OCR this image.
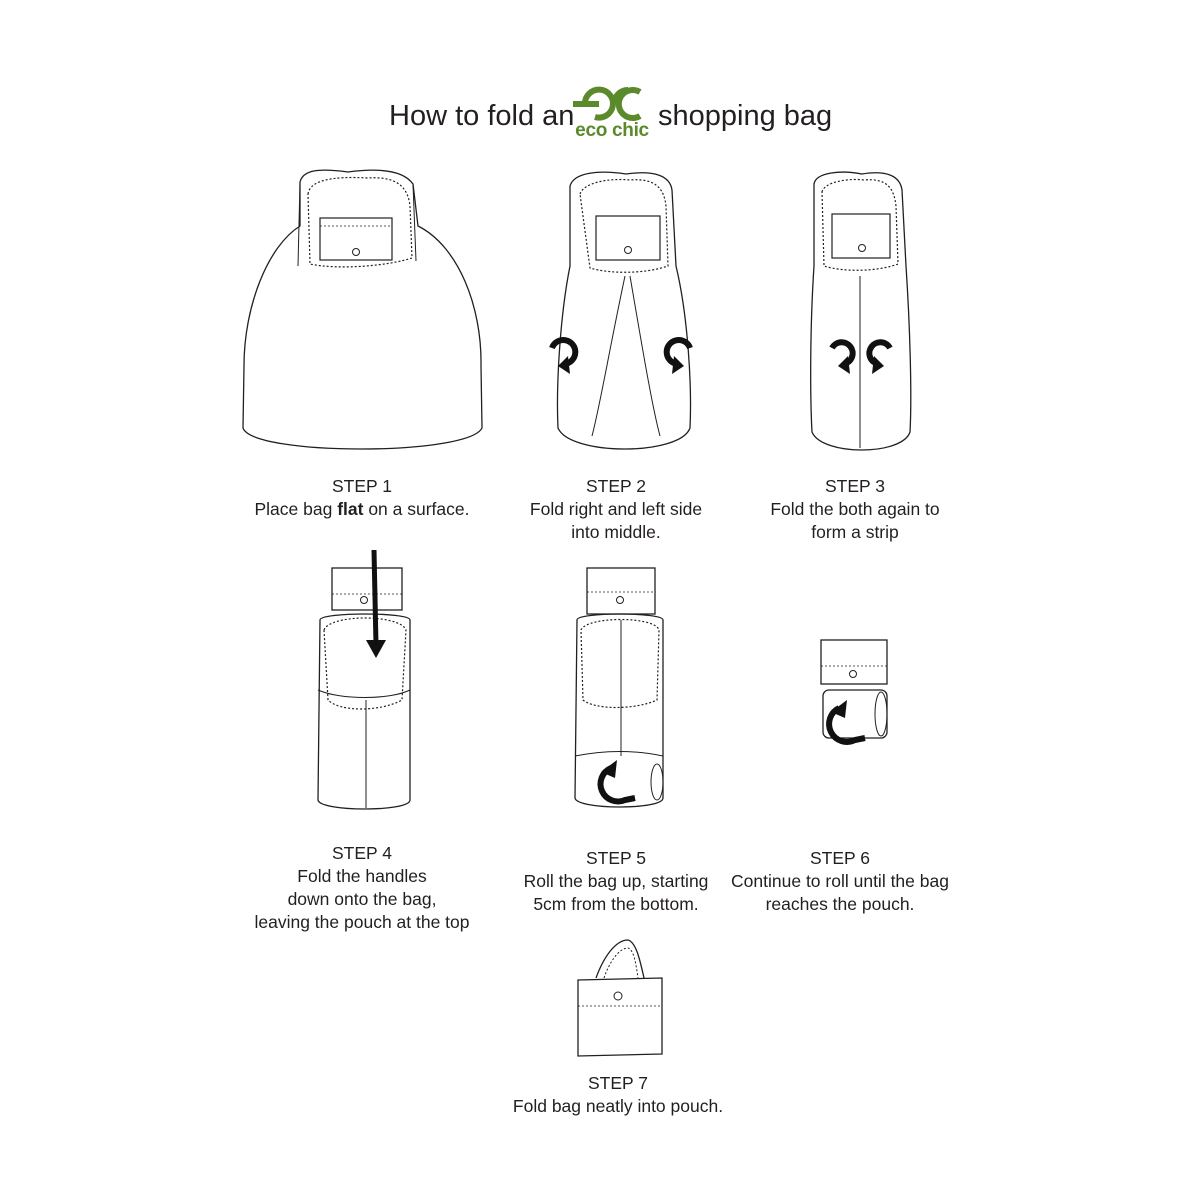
How to fold an eco chic shopping bag
STEP 1
Place bag flat on a surface.
STEP 2
Fold right and left side
into middle.
STEP 3
Fold the both again to
form a strip
STEP 4
Fold the handles
down onto the bag,
leaving the pouch at the top
STEP 5
Roll the bag up, starting
5cm from the bottom.
STEP 6
Continue to roll until the bag
reaches the pouch.
STEP 7
Fold bag neatly into pouch.
